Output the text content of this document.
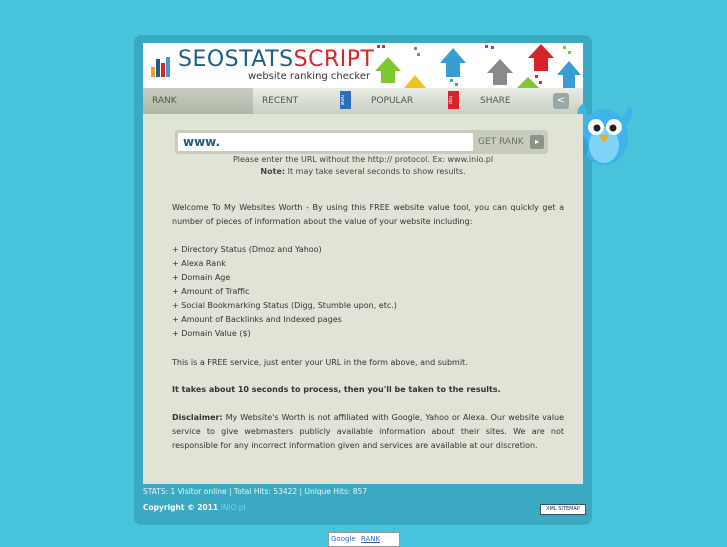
SEOSTATSSCRIPT
website ranking checker
RANK	RECENT	new	POPULAR	top	SHARE	<
www.	GET RANK	▸
Please enter the URL without the http:// protocol. Ex: www.inio.pl
Note: It may take several seconds to show results.
Welcome To My Websites Worth - By using this FREE website value tool, you can quickly get a number of pieces of information about the value of your website including:
+ Directory Status (Dmoz and Yahoo)
+ Alexa Rank
+ Domain Age
+ Amount of Traffic
+ Social Bookmarking Status (Digg, Stumble upon, etc.)
+ Amount of Backlinks and Indexed pages
+ Domain Value ($)
This is a FREE service, just enter your URL in the form above, and submit.
It takes about 10 seconds to process, then you'll be taken to the results.
Disclaimer: My Website's Worth is not affiliated with Google, Yahoo or Alexa. Our website value service to give webmasters publicly available information about their sites. We are not responsible for any incorrect information given and services are available at our discretion.
STATS: 1 Visitor online | Total Hits: 53422 | Unique Hits: 857
Copyright © 2011 INIO.pl	XML SITEMAP
Google RANK
